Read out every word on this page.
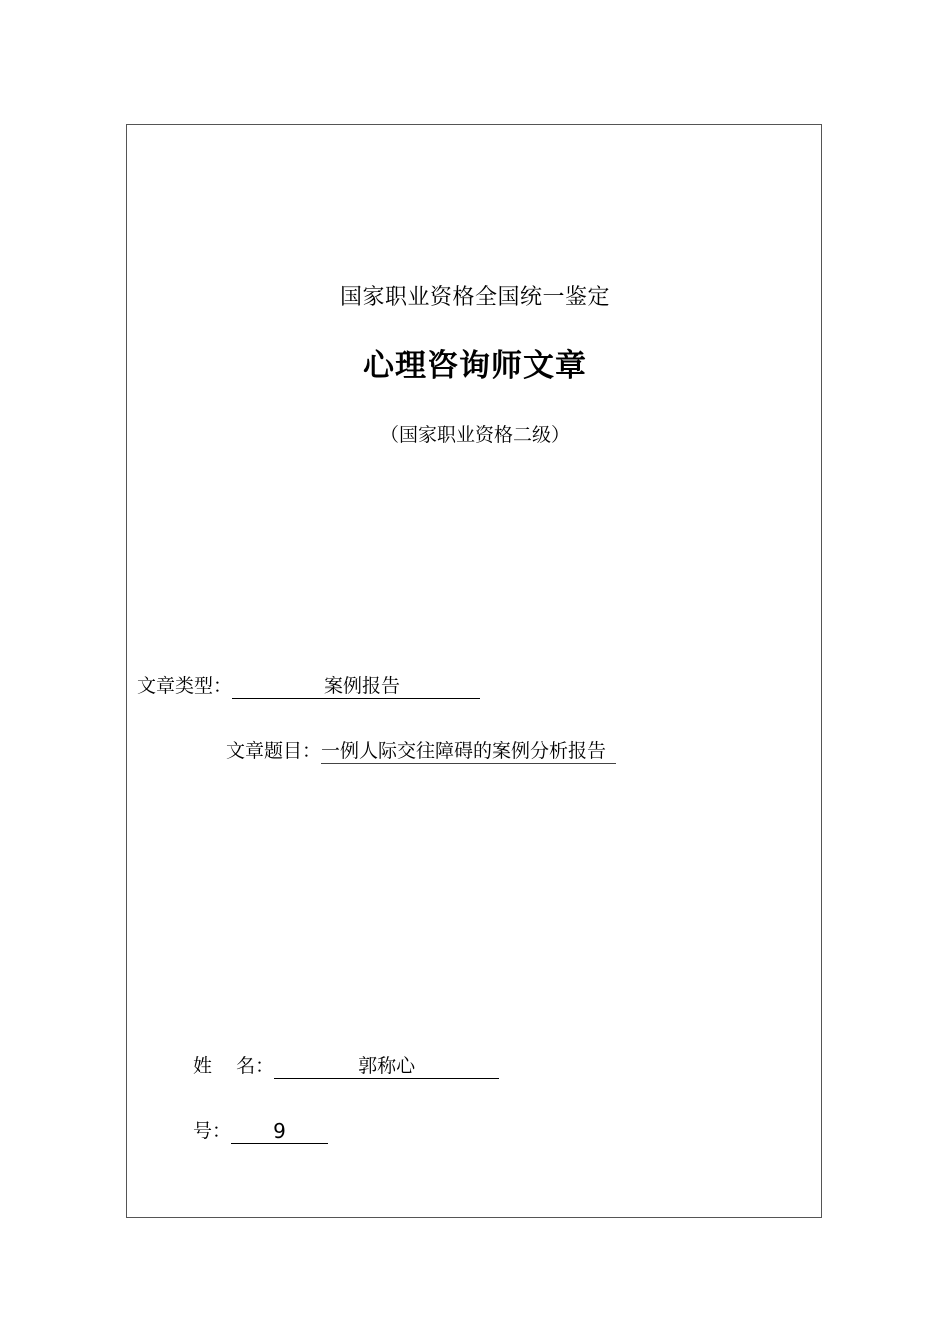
国家职业资格全国统一鉴定
心理咨询师文章
（国家职业资格二级）
文章类型：	案例报告
文章题目：一例人际交往障碍的案例分析报告
姓    名：	郭称心
号： 9
